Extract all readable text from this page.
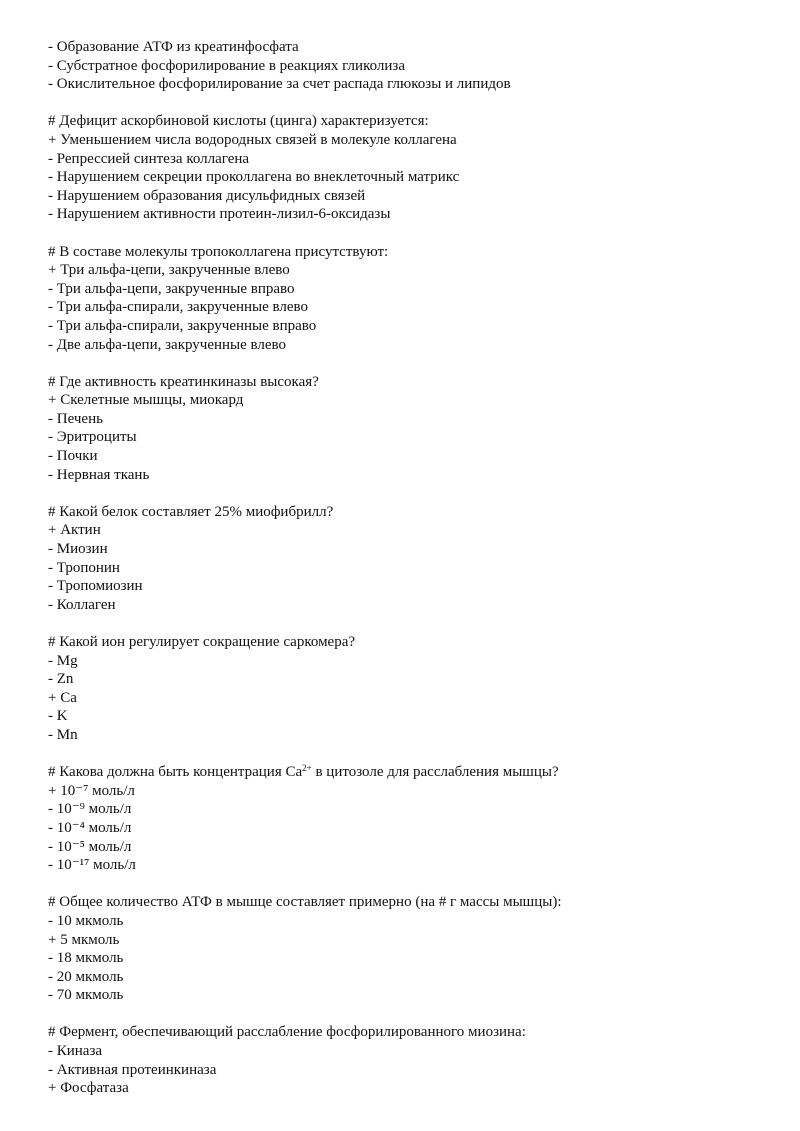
- Образование АТФ из креатинфосфата
- Субстратное фосфорилирование в реакциях гликолиза
- Окислительное фосфорилирование за счет распада глюкозы и липидов
# Дефицит аскорбиновой кислоты (цинга) характеризуется:
+ Уменьшением числа водородных связей в молекуле коллагена
- Репрессией синтеза коллагена
- Нарушением секреции проколлагена во внеклеточный матрикс
- Нарушением образования дисульфидных связей
- Нарушением активности протеин-лизил-6-оксидазы
# В составе молекулы тропоколлагена присутствуют:
+ Три альфа-цепи, закрученные влево
- Три альфа-цепи, закрученные вправо
- Три альфа-спирали, закрученные влево
- Три альфа-спирали, закрученные вправо
- Две альфа-цепи, закрученные влево
# Где активность креатинкиназы высокая?
+ Скелетные мышцы, миокард
- Печень
- Эритроциты
- Почки
- Нервная ткань
# Какой белок составляет 25% миофибрилл?
+ Актин
- Миозин
- Тропонин
- Тропомиозин
- Коллаген
# Какой ион регулирует сокращение саркомера?
- Mg
- Zn
+ Ca
- K
- Mn
# Какова должна быть концентрация $Ca^{2+}$ в цитозоле для расслабления мышцы?
+ 10⁻⁷ моль/л
- 10⁻⁹ моль/л
- 10⁻⁴ моль/л
- 10⁻⁵ моль/л
- 10⁻¹⁷ моль/л
# Общее количество АТФ в мышце составляет примерно (на # г массы мышцы):
- 10 мкмоль
+ 5 мкмоль
- 18 мкмоль
- 20 мкмоль
- 70 мкмоль
# Фермент, обеспечивающий расслабление фосфорилированного миозина:
- Киназа
- Активная протеинкиназа
+ Фосфатаза
